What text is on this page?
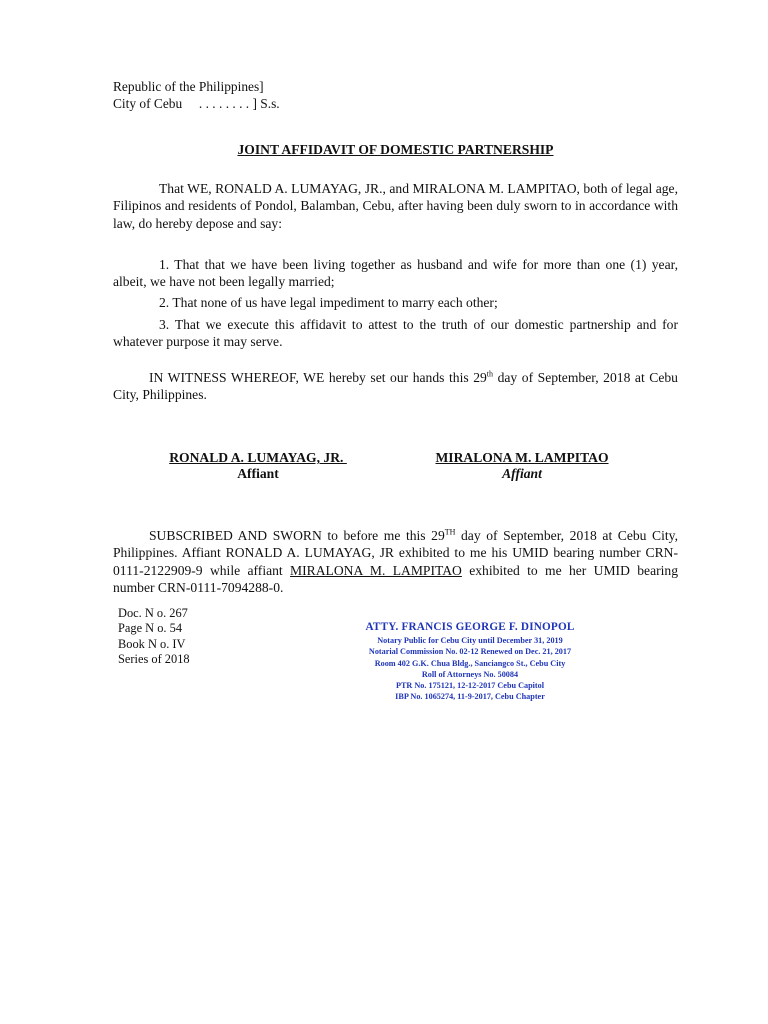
Republic of the Philippines]
City of Cebu     . . . . . . . . ] S.s.
JOINT AFFIDAVIT OF DOMESTIC PARTNERSHIP

That WE, RONALD A. LUMAYAG, JR., and MIRALONA M. LAMPITAO, both of legal age, Filipinos and residents of Pondol, Balamban, Cebu, after having been duly sworn to in accordance with law, do hereby depose and say:

1. That that we have been living together as husband and wife for more than one (1) year, albeit, we have not been legally married;

2. That none of us have legal impediment to marry each other;

3. That we execute this affidavit to attest to the truth of our domestic partnership and for whatever purpose it may serve.

IN WITNESS WHEREOF, WE hereby set our hands this 29th day of September, 2018 at Cebu City, Philippines.

RONALD A. LUMAYAG, JR.
Affiant
MIRALONA M. LAMPITAO
Affiant

SUBSCRIBED AND SWORN to before me this 29TH day of September, 2018 at Cebu City, Philippines. Affiant RONALD A. LUMAYAG, JR exhibited to me his UMID bearing number CRN-0111-2122909-9 while affiant MIRALONA M. LAMPITAO exhibited to me her UMID bearing number CRN-0111-7094288-0.

Doc. N o. 267
Page N o. 54
Book N o. IV
Series of 2018
ATTY. FRANCIS GEORGE F. DINOPOL
Notary Public for Cebu City until December 31, 2019
Notarial Commission No. 02-12 Renewed on Dec. 21, 2017
Room 402 G.K. Chua Bldg., Sanciangco St., Cebu City
Roll of Attorneys No. 50084
PTR No. 175121, 12-12-2017 Cebu Capitol
IBP No. 1065274, 11-9-2017, Cebu Chapter
